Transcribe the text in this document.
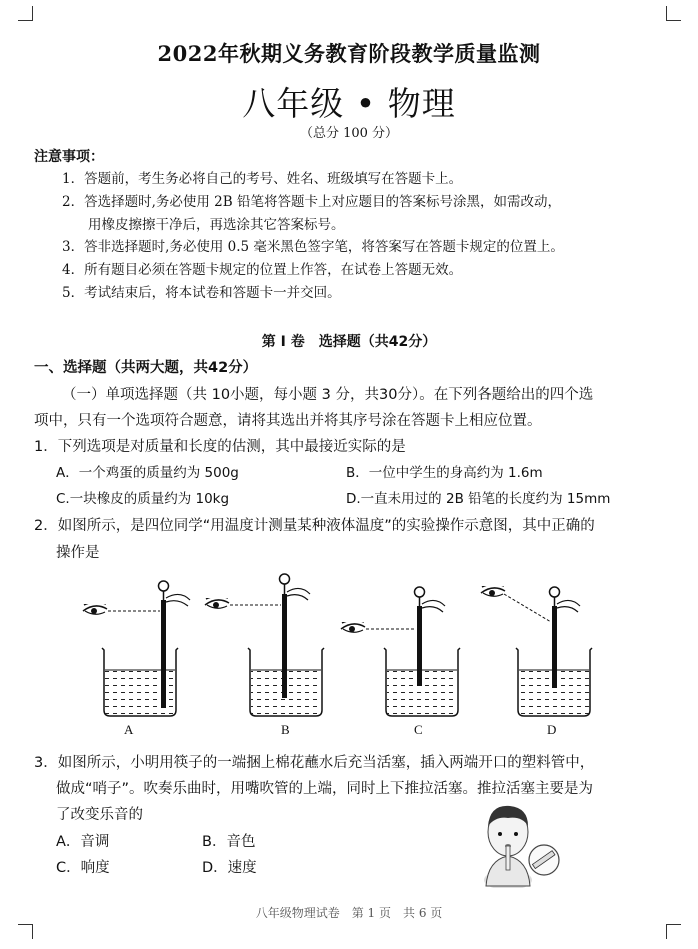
2022年秋期义务教育阶段教学质量监测
八年级 • 物理
（总分 100 分）
注意事项：
1．答题前，考生务必将自己的考号、姓名、班级填写在答题卡上。
2．答选择题时,务必使用 2B 铅笔将答题卡上对应题目的答案标号涂黑，如需改动，
用橡皮擦擦干净后，再选涂其它答案标号。
3．答非选择题时,务必使用 0.5 毫米黑色签字笔，将答案写在答题卡规定的位置上。
4．所有题目必须在答题卡规定的位置上作答，在试卷上答题无效。
5．考试结束后，将本试卷和答题卡一并交回。
第 Ⅰ 卷　选择题（共42分）
一、选择题（共两大题，共42分）
（一）单项选择题（共 10小题，每小题 3 分，共30分）。在下列各题给出的四个选
项中，只有一个选项符合题意，请将其选出并将其序号涂在答题卡上相应位置。
1．下列选项是对质量和长度的估测，其中最接近实际的是
A．一个鸡蛋的质量约为 500g	B．一位中学生的身高约为 1.6m
C.一块橡皮的质量约为 10kg	D.一直未用过的 2B 铅笔的长度约为 15mm
2．如图所示，是四位同学“用温度计测量某种液体温度”的实验操作示意图，其中正确的
操作是
A	B	C	D
3．如图所示，小明用筷子的一端捆上棉花蘸水后充当活塞，插入两端开口的塑料管中，
做成“哨子”。吹奏乐曲时，用嘴吹管的上端，同时上下推拉活塞。推拉活塞主要是为
了改变乐音的
A．音调	B．音色
C．响度	D．速度
八年级物理试卷　第 1 页　共 6 页
